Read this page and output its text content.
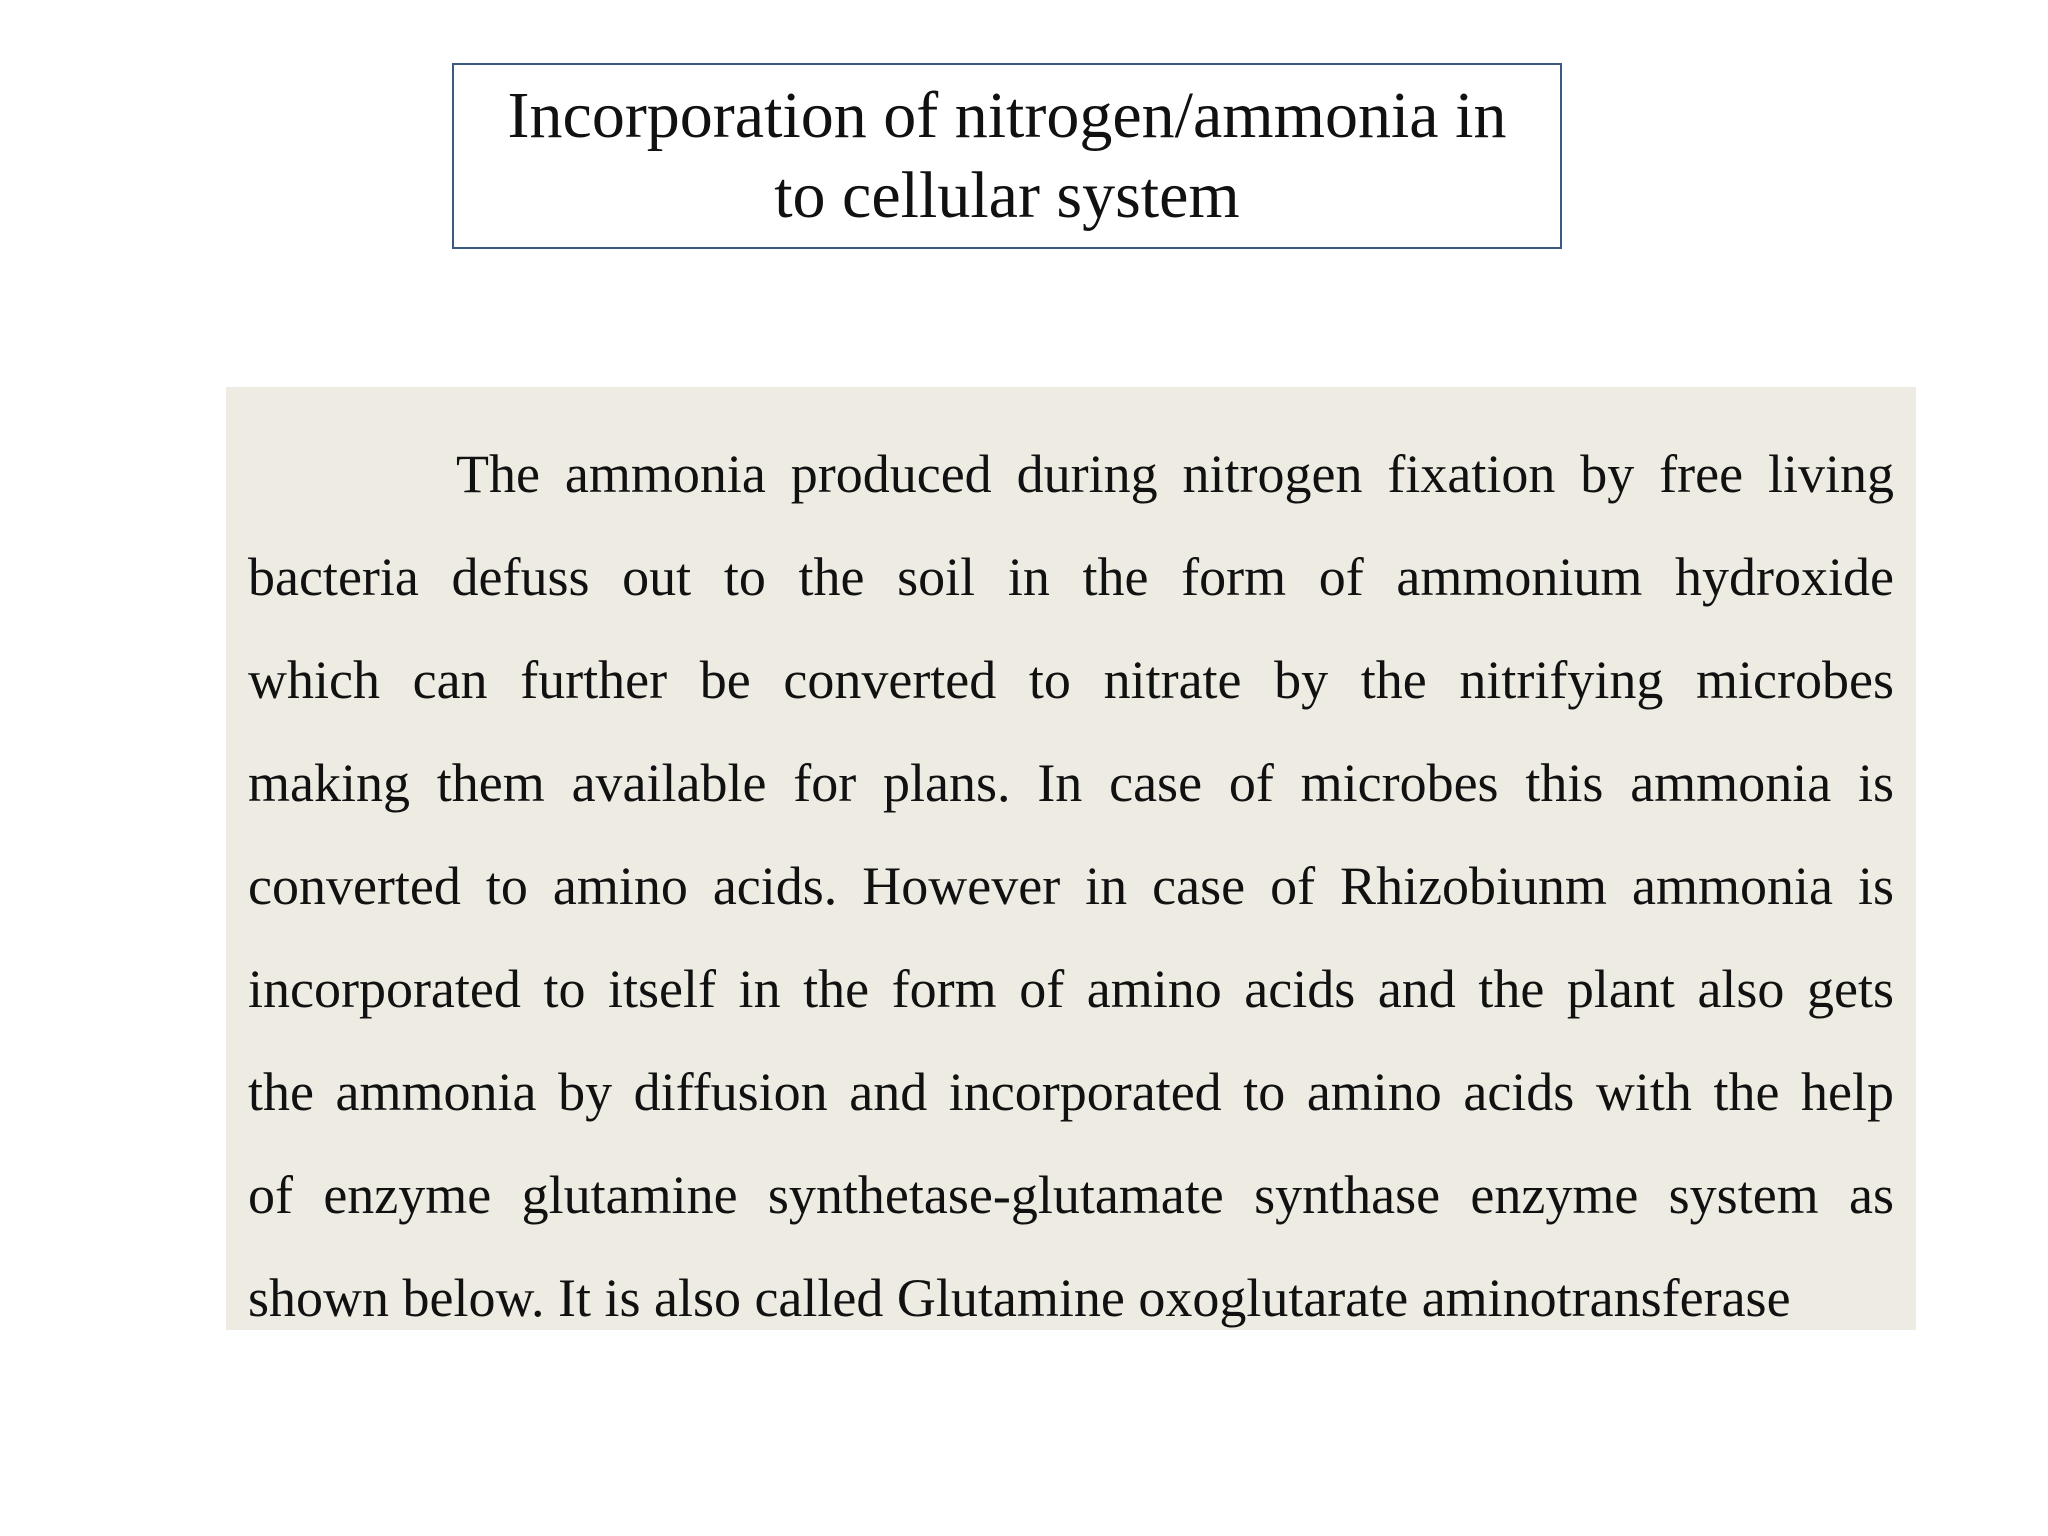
Incorporation of nitrogen/ammonia in
to cellular system
The ammonia produced during nitrogen fixation by free living
bacteria defuss out to the soil in the form of ammonium hydroxide
which can further be converted to nitrate by the nitrifying microbes
making them available for plans. In case of microbes this ammonia is
converted to amino acids. However in case of Rhizobiunm ammonia is
incorporated to itself in the form of amino acids and the plant also gets
the ammonia by diffusion and incorporated to amino acids with the help
of enzyme glutamine synthetase-glutamate synthase enzyme system as
shown below. It is also called Glutamine oxoglutarate aminotransferase
